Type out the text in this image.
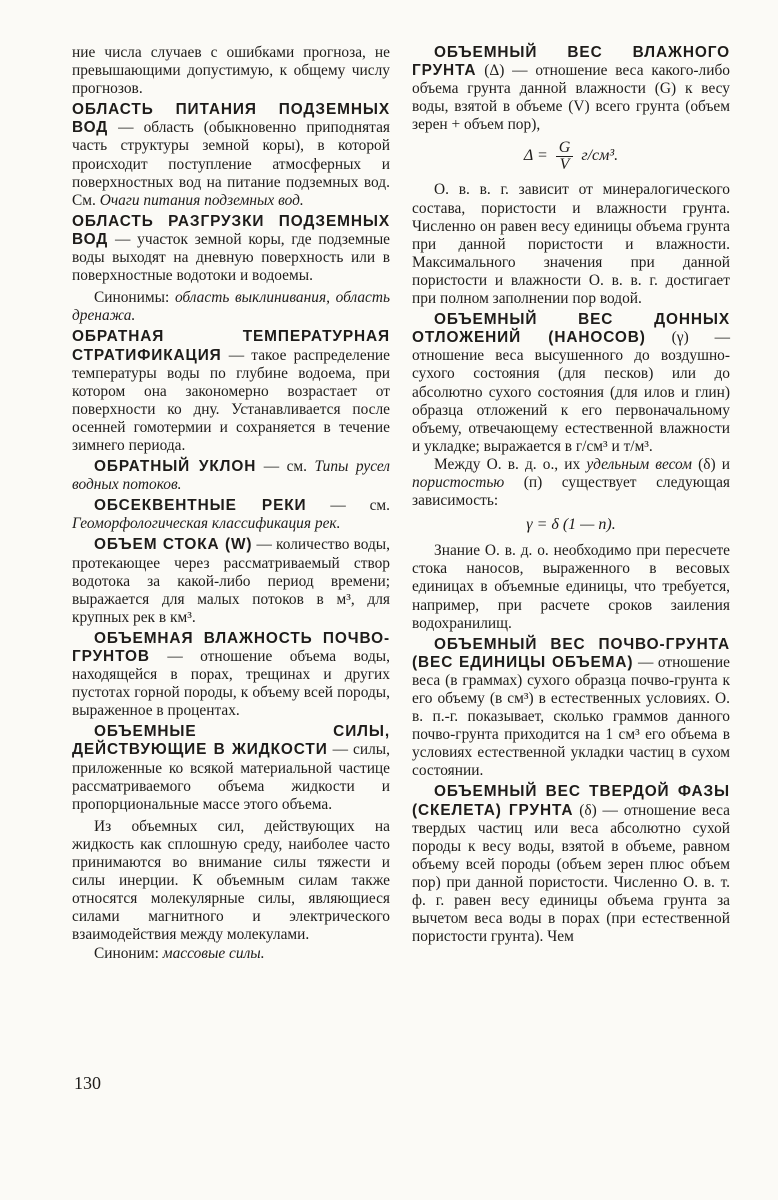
ние числа случаев с ошибками прогноза, не превышающими допустимую, к общему числу прогнозов.

ОБЛАСТЬ ПИТАНИЯ ПОДЗЕМНЫХ ВОД — область (обыкновенно приподнятая часть структуры земной коры), в которой происходит поступление атмосферных и поверхностных вод на питание подземных вод. См. Очаги питания подземных вод.

ОБЛАСТЬ РАЗГРУЗКИ ПОДЗЕМНЫХ ВОД — участок земной коры, где подземные воды выходят на дневную поверхность или в поверхностные водотоки и водоемы.

Синонимы: область выклинивания, область дренажа.

ОБРАТНАЯ ТЕМПЕРАТУРНАЯ СТРАТИФИКАЦИЯ — такое распределение температуры воды по глубине водоема, при котором она закономерно возрастает от поверхности ко дну. Устанавливается после осенней гомотермии и сохраняется в течение зимнего периода.

ОБРАТНЫЙ УКЛОН — см. Типы русел водных потоков.

ОБСЕКВЕНТНЫЕ РЕКИ — см. Геоморфологическая классификация рек.

ОБЪЕМ СТОКА (W) — количество воды, протекающее через рассматриваемый створ водотока за какой-либо период времени; выражается для малых потоков в м³, для крупных рек в км³.

ОБЪЕМНАЯ ВЛАЖНОСТЬ ПОЧВО-ГРУНТОВ — отношение объема воды, находящейся в порах, трещинах и других пустотах горной породы, к объему всей породы, выраженное в процентах.

ОБЪЕМНЫЕ СИЛЫ, ДЕЙСТВУЮЩИЕ В ЖИДКОСТИ — силы, приложенные ко всякой материальной частице рассматриваемого объема жидкости и пропорциональные массе этого объема.

Из объемных сил, действующих на жидкость как сплошную среду, наиболее часто принимаются во внимание силы тяжести и силы инерции. К объемным силам также относятся молекулярные силы, являющиеся силами магнитного и электрического взаимодействия между молекулами.

Синоним: массовые силы.

ОБЪЕМНЫЙ ВЕС ВЛАЖНОГО ГРУНТА (Δ) — отношение веса какого-либо объема грунта данной влажности (G) к весу воды, взятой в объеме (V) всего грунта (объем зерен + объем пор),

$\Delta = \frac{G}{V} г/см^3$.

О. в. в. г. зависит от минералогического состава, пористости и влажности грунта. Численно он равен весу единицы объема грунта при данной пористости и влажности. Максимального значения при данной пористости и влажности О. в. в. г. достигает при полном заполнении пор водой.

ОБЪЕМНЫЙ ВЕС ДОННЫХ ОТЛОЖЕНИЙ (НАНОСОВ) (γ) — отношение веса высушенного до воздушно-сухого состояния (для песков) или до абсолютно сухого состояния (для илов и глин) образца отложений к его первоначальному объему, отвечающему естественной влажности и укладке; выражается в г/см³ и т/м³.

Между О. в. д. о., их удельным весом (δ) и пористостью (п) существует следующая зависимость:

γ = δ (1 — п).

Знание О. в. д. о. необходимо при пересчете стока наносов, выраженного в весовых единицах в объемные единицы, что требуется, например, при расчете сроков заиления водохранилищ.

ОБЪЕМНЫЙ ВЕС ПОЧВО-ГРУНТА (ВЕС ЕДИНИЦЫ ОБЪЕМА) — отношение веса (в граммах) сухого образца почво-грунта к его объему (в см³) в естественных условиях. О. в. п.-г. показывает, сколько граммов данного почво-грунта приходится на 1 см³ его объема в условиях естественной укладки частиц в сухом состоянии.

ОБЪЕМНЫЙ ВЕС ТВЕРДОЙ ФАЗЫ (СКЕЛЕТА) ГРУНТА (δ) — отношение веса твердых частиц или веса абсолютно сухой породы к весу воды, взятой в объеме, равном объему всей породы (объем зерен плюс объем пор) при данной пористости. Численно О. в. т. ф. г. равен весу единицы объема грунта за вычетом веса воды в порах (при естественной пористости грунта). Чем

130
